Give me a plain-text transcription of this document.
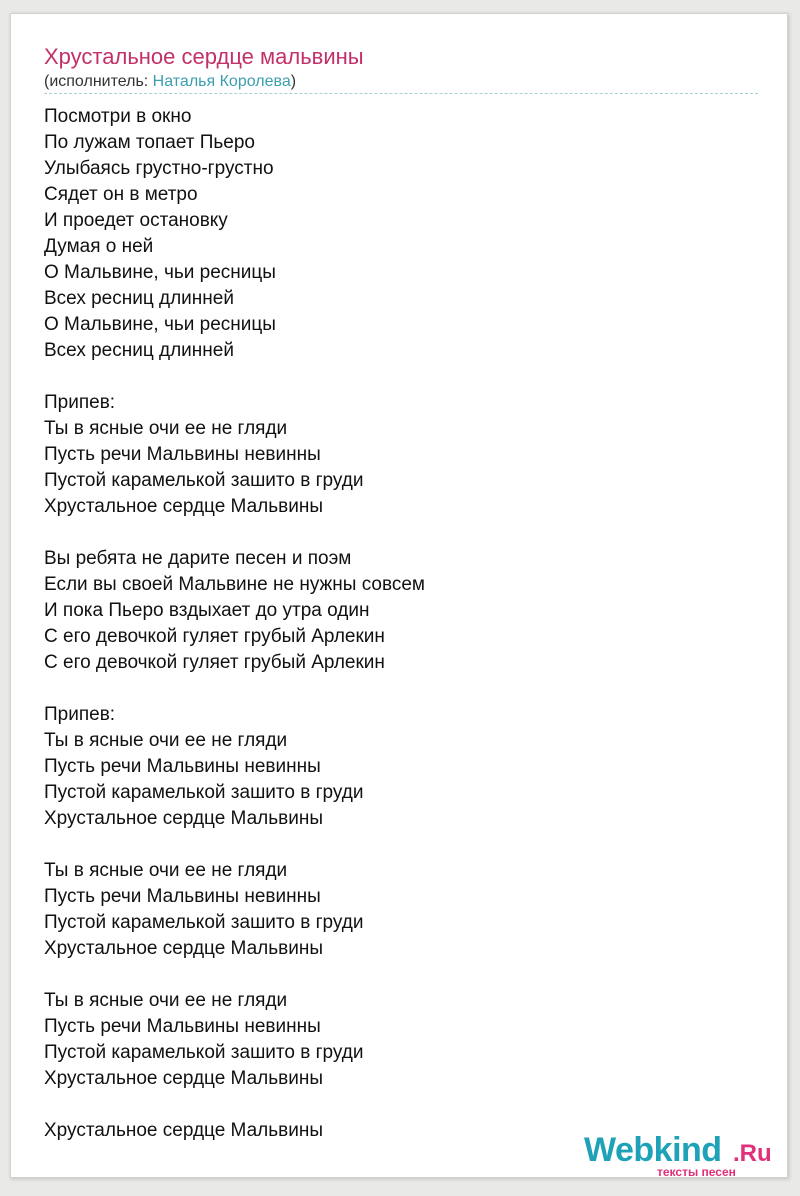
Хрустальное сердце мальвины
(исполнитель: Наталья Королева)
Посмотри в окно
По лужам топает Пьеро
Улыбаясь грустно-грустно
Сядет он в метро
И проедет остановку
Думая о ней
О Мальвине, чьи ресницы
Всех ресниц длинней
О Мальвине, чьи ресницы
Всех ресниц длинней
Припев:
Ты в ясные очи ее не гляди
Пусть речи Мальвины невинны
Пустой карамелькой зашито в груди
Хрустальное сердце Мальвины
Вы ребята не дарите песен и поэм
Если вы своей Мальвине не нужны совсем
И пока Пьеро вздыхает до утра один
С его девочкой гуляет грубый Арлекин
С его девочкой гуляет грубый Арлекин
Припев:
Ты в ясные очи ее не гляди
Пусть речи Мальвины невинны
Пустой карамелькой зашито в груди
Хрустальное сердце Мальвины
Ты в ясные очи ее не гляди
Пусть речи Мальвины невинны
Пустой карамелькой зашито в груди
Хрустальное сердце Мальвины
Ты в ясные очи ее не гляди
Пусть речи Мальвины невинны
Пустой карамелькой зашито в груди
Хрустальное сердце Мальвины
Хрустальное сердце Мальвины
Webkind .Ru
тексты песен
